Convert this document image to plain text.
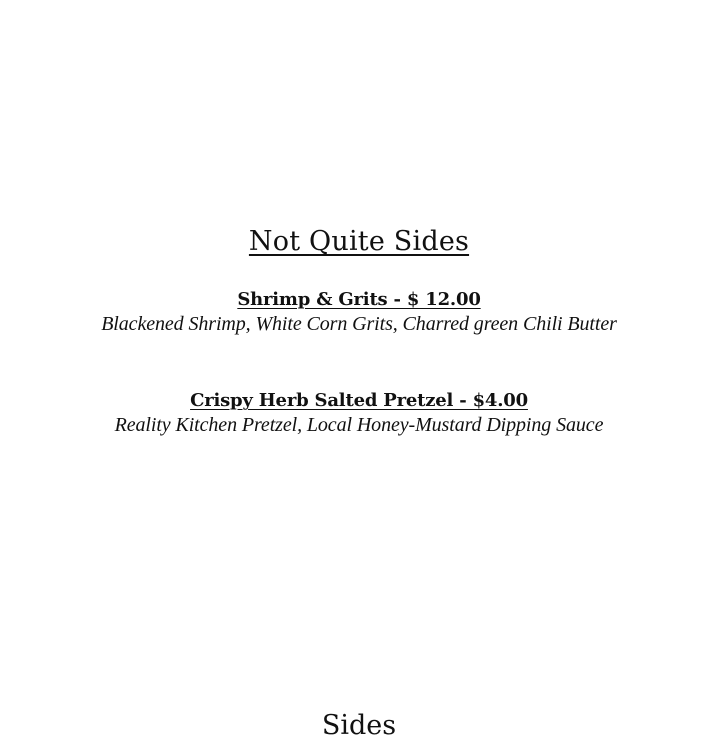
Not Quite Sides
Shrimp & Grits - $ 12.00
Blackened Shrimp, White Corn Grits, Charred green Chili Butter
Crispy Herb Salted Pretzel - $4.00
Reality Kitchen Pretzel, Local Honey-Mustard Dipping Sauce
Sides
